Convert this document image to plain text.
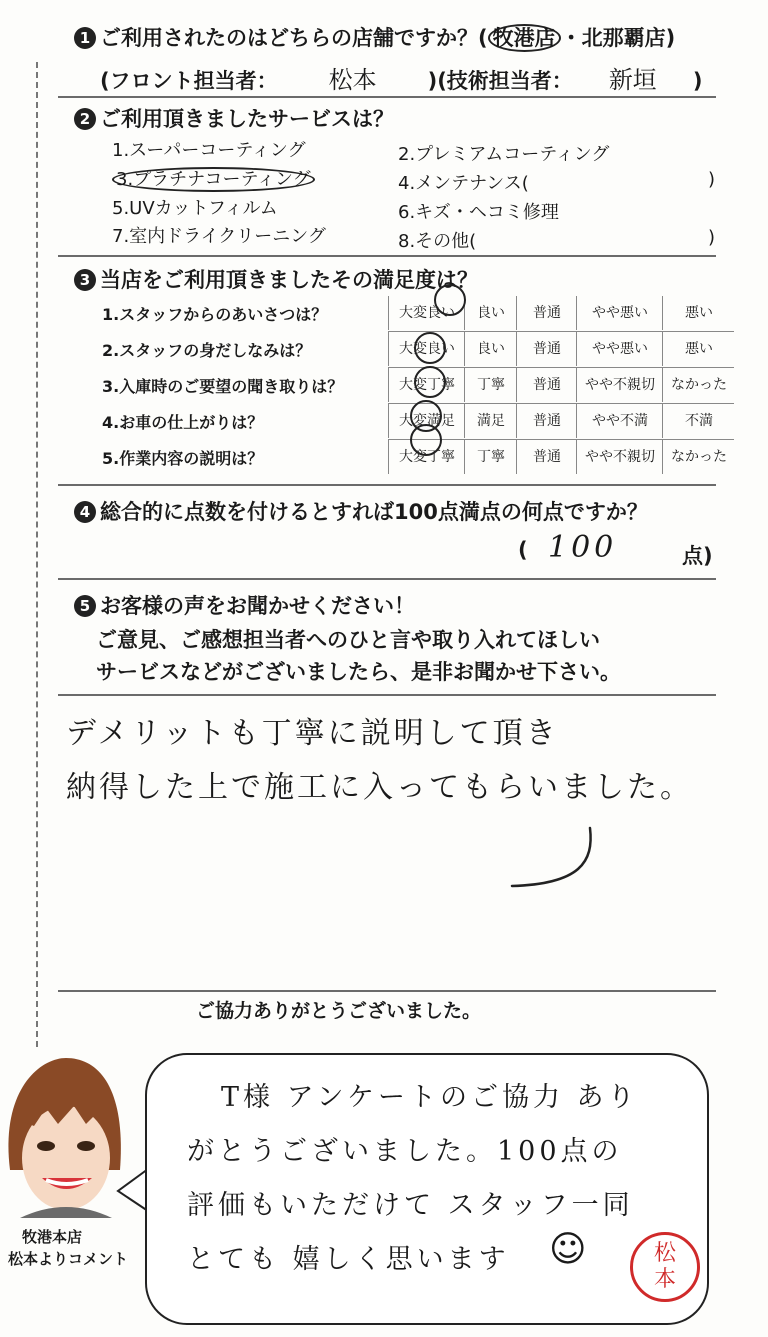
1 ご利用されたのはどちらの店舗ですか？( 牧港店 ・北那覇店)
(フロント担当者： 松本 )(技術担当者： 新垣 )
2 ご利用頂きましたサービスは？
1.スーパーコーティング
3.プラチナコーティング
5.UVカットフィルム
7.室内ドライクリーニング
2.プレミアムコーティング
4.メンテナンス(	)
6.キズ・ヘコミ修理
8.その他(	)
3 当店をご利用頂きましたその満足度は？
1.スタッフからのあいさつは？	大変良い	良い	普通	やや悪い	悪い
2.スタッフの身だしなみは？	大変良い	良い	普通	やや悪い	悪い
3.入庫時のご要望の聞き取りは？	大変丁寧	丁寧	普通	やや不親切	なかった
4.お車の仕上がりは？	大変満足	満足	普通	やや不満	不満
5.作業内容の説明は？	大変丁寧	丁寧	普通	やや不親切	なかった
4 総合的に点数を付けるとすれば100点満点の何点ですか？
( 100	点)
5 お客様の声をお聞かせください！
ご意見、ご感想担当者へのひと言や取り入れてほしい
サービスなどがございましたら、是非お聞かせ下さい。
デメリットも丁寧に説明して頂き
納得した上で施工に入ってもらいました。
ご協力ありがとうございました。
牧港本店
松本よりコメント
T様 アンケートのご協力 あり
がとうございました。100点の
評価もいただけて スタッフ一同
とても 嬉しく思います ☺	松
本
